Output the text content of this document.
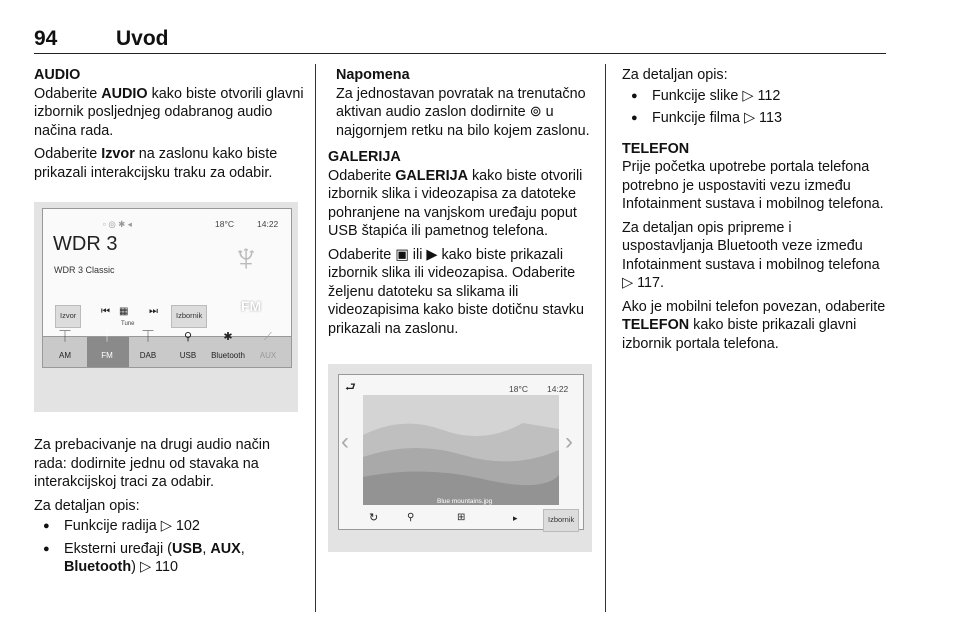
94	Uvod

AUDIO

Odaberite AUDIO kako biste otvorili glavni izbornik posljednjeg odabranog audio načina rada.

Odaberite Izvor na zaslonu kako biste prikazali interakcijsku traku za odabir.

▫ ◎ ✱ ◂	18°C	14:22
WDR 3
WDR 3 Classic	♆
FM
Izvor	⏮ ▦
Tune
⏭	Izbornik
⏉
AM
⏉
FM
⏉
DAB
⚲
USB
✱
Bluetooth
⟋
AUX

Za prebacivanje na drugi audio način rada: dodirnite jednu od stavaka na interakcijskoj traci za odabir.

Za detaljan opis:

● Funkcije radija ▷ 102
● Eksterni uređaji (USB, AUX,
Bluetooth) ▷ 110

Napomena

Za jednostavan povratak na trenutačno aktivan audio zaslon dodirnite ⊚ u najgornjem retku na bilo kojem zaslonu.

GALERIJA

Odaberite GALERIJA kako biste otvorili izbornik slika i videozapisa za datoteke pohranjene na vanjskom uređaju poput USB štapića ili pametnog telefona.

Odaberite ▣ ili ▶ kako biste prikazali izbornik slika ili videozapisa. Odaberite željenu datoteku sa slikama ili videozapisima kako biste dotičnu stavku prikazali na zaslonu.

⮐	18°C 14:22
‹	›
Blue mountains.jpg
↻	⚲	⊞	▸	Izbornik

Za detaljan opis:

● Funkcije slike ▷ 112
● Funkcije filma ▷ 113

TELEFON

Prije početka upotrebe portala telefona potrebno je uspostaviti vezu između Infotainment sustava i mobilnog telefona.

Za detaljan opis pripreme i uspostavljanja Bluetooth veze između Infotainment sustava i mobilnog telefona ▷ 117.

Ako je mobilni telefon povezan, odaberite TELEFON kako biste prikazali glavni izbornik portala telefona.
